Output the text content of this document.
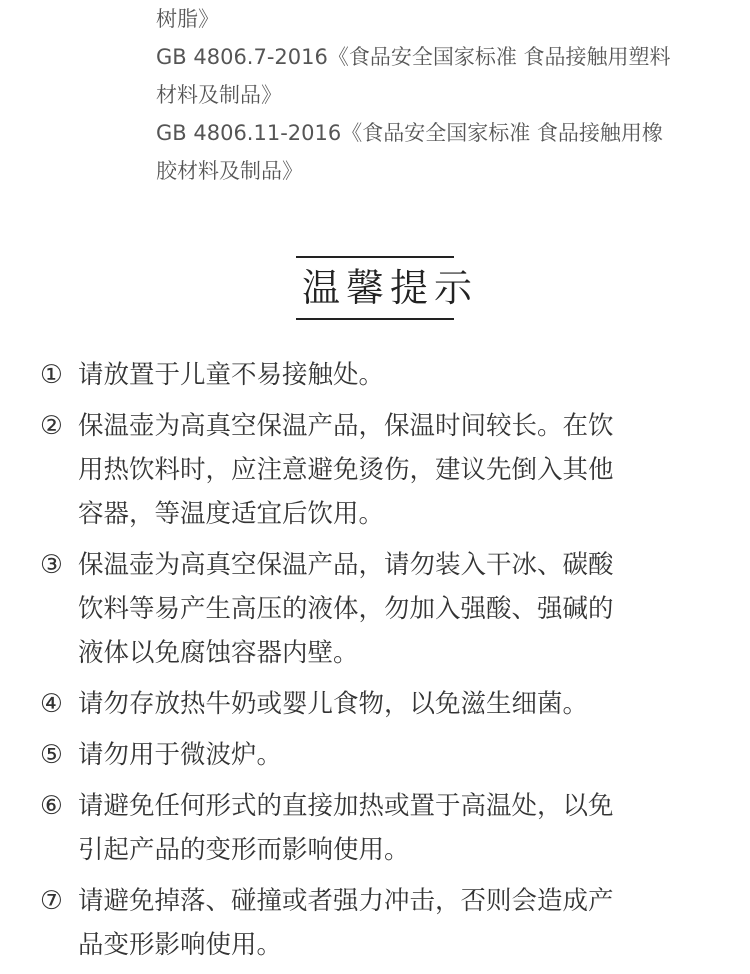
树脂》
GB 4806.7-2016《食品安全国家标准 食品接触用塑料
材料及制品》
GB 4806.11-2016《食品安全国家标准 食品接触用橡
胶材料及制品》
温馨提示
① 请放置于儿童不易接触处。
② 保温壶为高真空保温产品，保温时间较长。在饮
用热饮料时，应注意避免烫伤，建议先倒入其他
容器，等温度适宜后饮用。
③ 保温壶为高真空保温产品，请勿装入干冰、碳酸
饮料等易产生高压的液体，勿加入强酸、强碱的
液体以免腐蚀容器内壁。
④ 请勿存放热牛奶或婴儿食物，以免滋生细菌。
⑤ 请勿用于微波炉。
⑥ 请避免任何形式的直接加热或置于高温处，以免
引起产品的变形而影响使用。
⑦ 请避免掉落、碰撞或者强力冲击，否则会造成产
品变形影响使用。
